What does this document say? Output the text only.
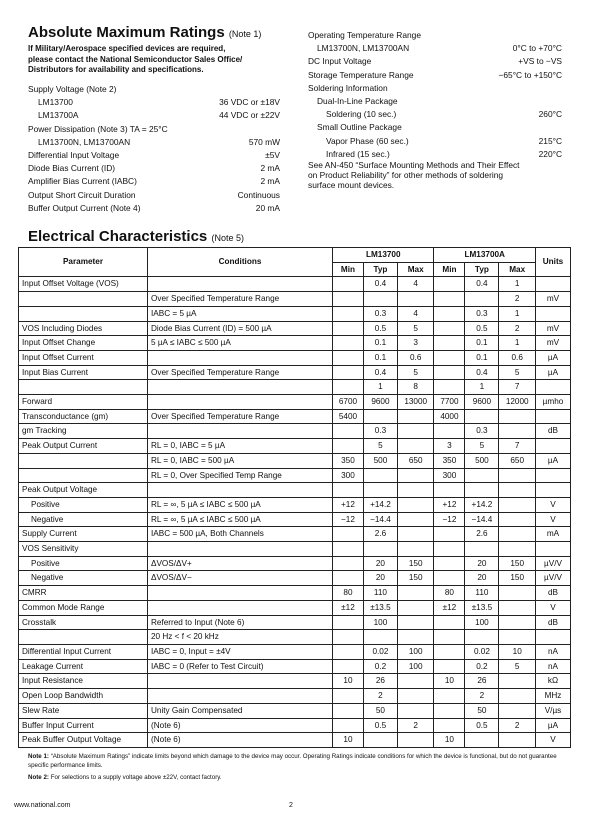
Absolute Maximum Ratings (Note 1)
If Military/Aerospace specified devices are required,
please contact the National Semiconductor Sales Office/
Distributors for availability and specifications.
Supply Voltage (Note 2)
LM13700	36 VDC or ±18V
LM13700A	44 VDC or ±22V
Power Dissipation (Note 3) TA = 25°C
LM13700N, LM13700AN	570 mW
Differential Input Voltage	±5V
Diode Bias Current (ID)	2 mA
Amplifier Bias Current (IABC)	2 mA
Output Short Circuit Duration	Continuous
Buffer Output Current (Note 4)	20 mA
Operating Temperature Range
LM13700N, LM13700AN	0°C to +70°C
DC Input Voltage	+VS to −VS
Storage Temperature Range	−65°C to +150°C
Soldering Information
Dual-In-Line Package
Soldering (10 sec.)	260°C
Small Outline Package
Vapor Phase (60 sec.)	215°C
Infrared (15 sec.)	220°C
See AN-450 “Surface Mounting Methods and Their Effect
on Product Reliability” for other methods of soldering
surface mount devices.
Electrical Characteristics (Note 5)
Parameter	Conditions	LM13700			LM13700A			Units
		Min	Typ	Max	Min	Typ	Max	
Input Offset Voltage (VOS)			0.4	4		0.4	1	
	Over Specified Temperature Range						2	mV
	IABC = 5 µA		0.3	4		0.3	1	
VOS Including Diodes	Diode Bias Current (ID) = 500 µA		0.5	5		0.5	2	mV
Input Offset Change	5 µA ≤ IABC ≤ 500 µA		0.1	3		0.1	1	mV
Input Offset Current			0.1	0.6		0.1	0.6	µA
Input Bias Current	Over Specified Temperature Range		0.4	5		0.4	5	µA
			1	8		1	7	
Forward		6700	9600	13000	7700	9600	12000	µmho
Transconductance (gm)	Over Specified Temperature Range	5400			4000			
gm Tracking			0.3			0.3		dB
Peak Output Current	RL = 0, IABC = 5 µA		5		3	5	7	
	RL = 0, IABC = 500 µA	350	500	650	350	500	650	µA
	RL = 0, Over Specified Temp Range	300			300			
Peak Output Voltage								
Positive	RL = ∞, 5 µA ≤ IABC ≤ 500 µA	+12	+14.2		+12	+14.2		V
Negative	RL = ∞, 5 µA ≤ IABC ≤ 500 µA	−12	−14.4		−12	−14.4		V
Supply Current	IABC = 500 µA, Both Channels		2.6			2.6		mA
VOS Sensitivity								
Positive	ΔVOS/ΔV+		20	150		20	150	µV/V
Negative	ΔVOS/ΔV−		20	150		20	150	µV/V
CMRR		80	110		80	110		dB
Common Mode Range		±12	±13.5		±12	±13.5		V
Crosstalk	Referred to Input (Note 6)		100			100		dB
	20 Hz < f < 20 kHz							
Differential Input Current	IABC = 0, Input = ±4V		0.02	100		0.02	10	nA
Leakage Current	IABC = 0 (Refer to Test Circuit)		0.2	100		0.2	5	nA
Input Resistance		10	26		10	26		kΩ
Open Loop Bandwidth			2			2		MHz
Slew Rate	Unity Gain Compensated		50			50		V/µs
Buffer Input Current	(Note 6)		0.5	2		0.5	2	µA
Peak Buffer Output Voltage	(Note 6)	10			10			V
Note 1: “Absolute Maximum Ratings” indicate limits beyond which damage to the device may occur. Operating Ratings indicate conditions for which the device is functional, but do not guarantee specific performance limits.
Note 2: For selections to a supply voltage above ±22V, contact factory.
www.national.com	2
